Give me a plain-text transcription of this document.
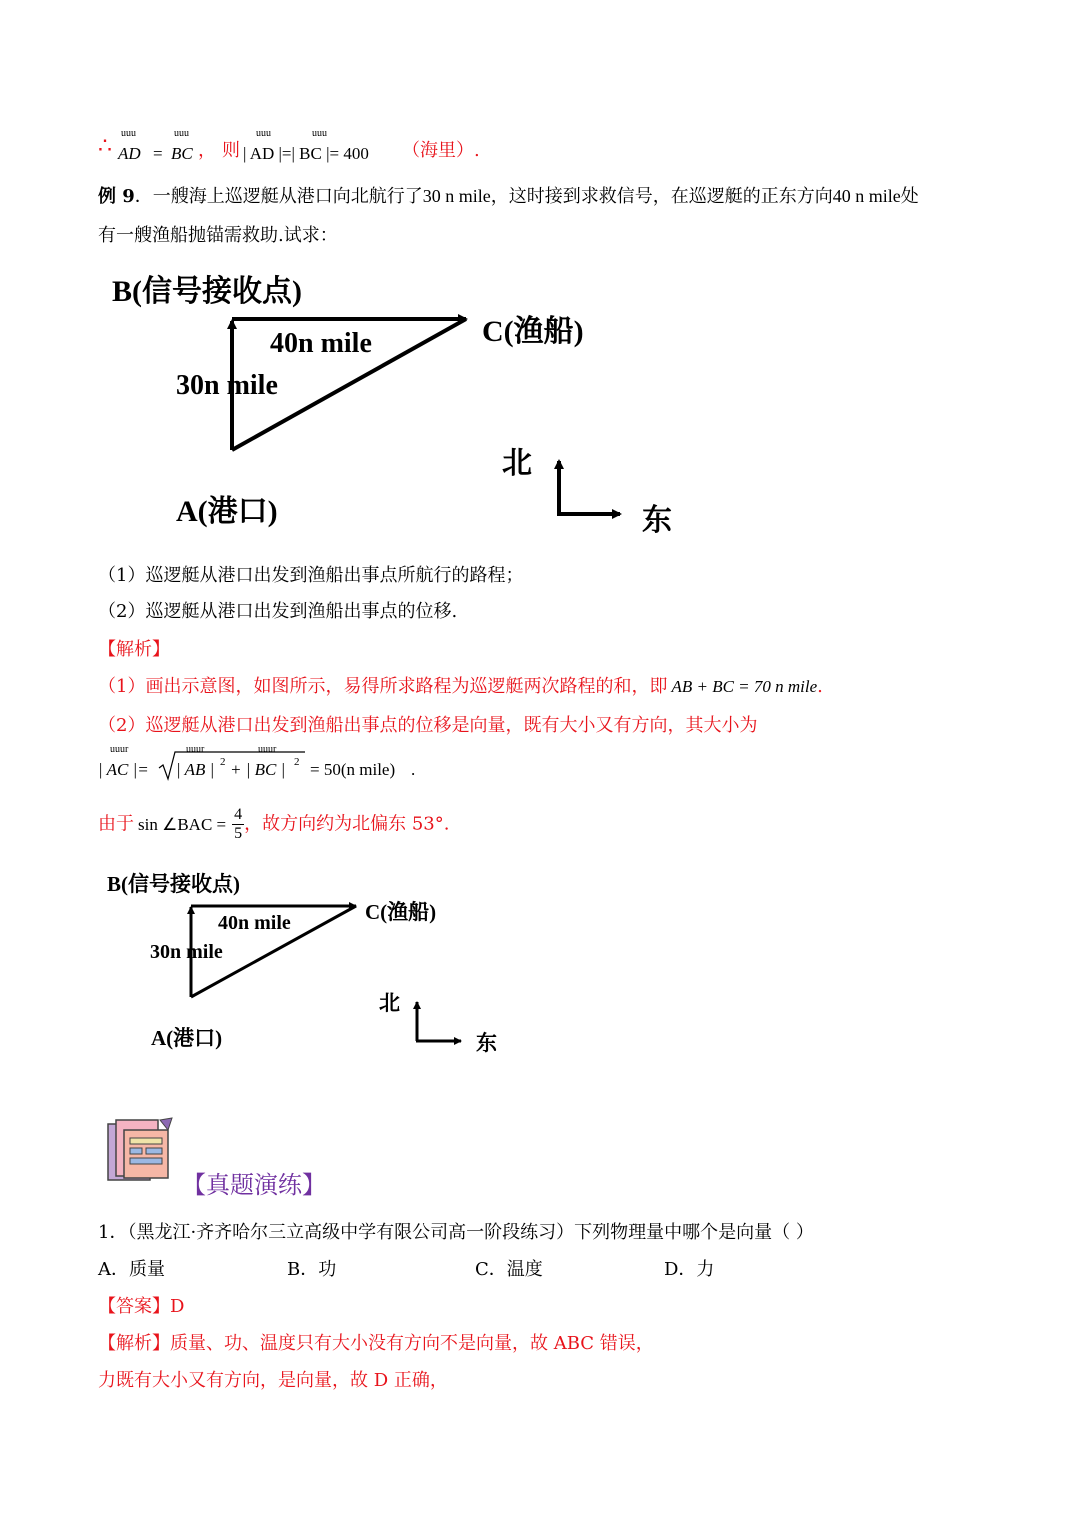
∴
uuu
AD =
uuu
BC ， 则
uuu	uuu
| AD |=| BC |= 400 （海里）.
例 9．一艘海上巡逻艇从港口向北航行了30 n mile，这时接到求救信号，在巡逻艇的正东方向40 n mile处
有一艘渔船抛锚需救助.试求：
B(信号接收点)
C(渔船)
40n mile
30n mile
A(港口)
北
东
（1）巡逻艇从港口出发到渔船出事点所航行的路程；
（2）巡逻艇从港口出发到渔船出事点的位移.
【解析】
（1）画出示意图，如图所示，易得所求路程为巡逻艇两次路程的和，即 AB + BC = 70 n mile.
（2）巡逻艇从港口出发到渔船出事点的位移是向量，既有大小又有方向，其大小为
uuur	uuur	uuur
| AC |= | AB | 2 + | BC | 2 = 50(n mile) .
由于 sin ∠BAC = $\frac{4}{5}$ ，故方向约为北偏东 53°.
B(信号接收点)
C(渔船)
40n mile
30n mile
A(港口)
北
东
【真题演练】
1．（黑龙江·齐齐哈尔三立高级中学有限公司高一阶段练习）下列物理量中哪个是向量（ ）
A．质量	B．功	C．温度	D．力
【答案】D
【解析】质量、功、温度只有大小没有方向不是向量，故 ABC 错误，
力既有大小又有方向，是向量，故 D 正确，
